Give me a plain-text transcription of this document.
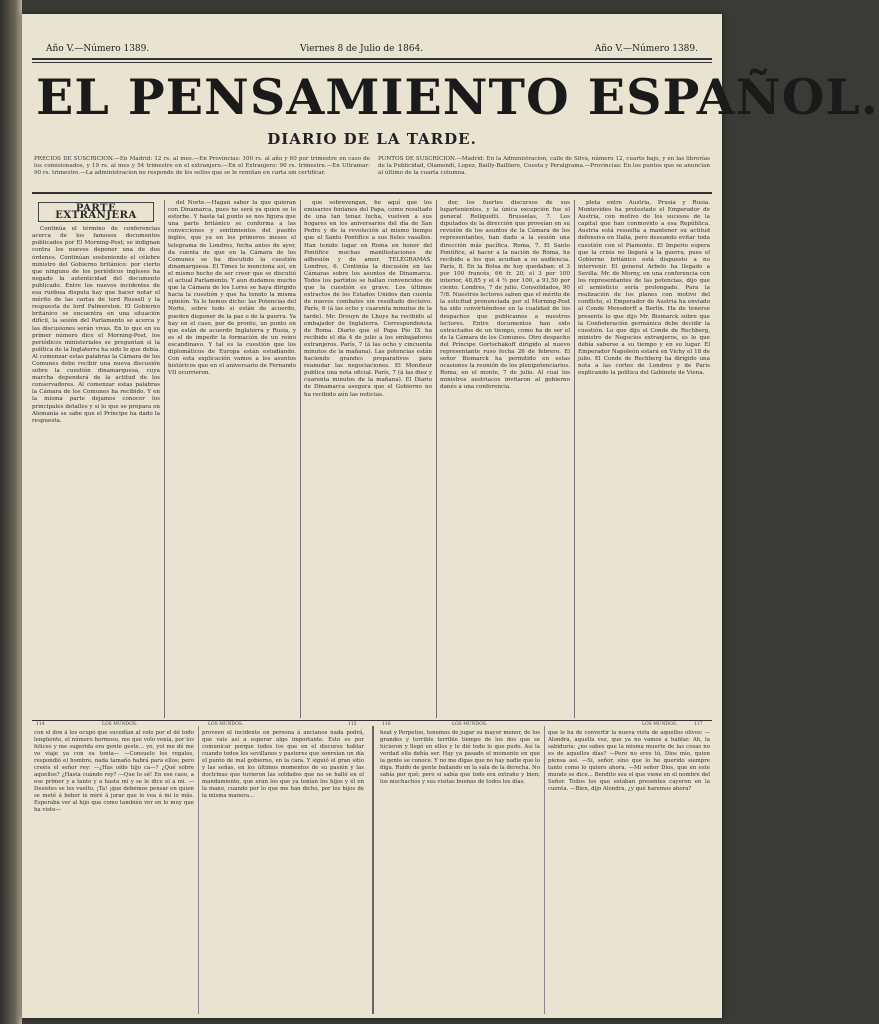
Año V.—Número 1389.	Viernes 8 de Julio de 1864.	Año V.—Número 1389.
EL PENSAMIENTO ESPAÑOL.
DIARIO DE LA TARDE.
PRECIOS DE SUSCRICION.—En Madrid: 12 rs. al mes.—En Provincias: 100 rs. al año y 60 por trimestre en caso de los comisionados, y 19 rs. al mes y 54 trimestre en el extranjero.—En el Extranjero: 90 rs. trimestre.—En Ultramar: 90 rs. trimestre.—La administracion no responde de los sellos que se le remitan en carta sin certificar.
PUNTOS DE SUSCRICION.—Madrid: En la Administracion, calle de Silva, número 12, cuarto bajo, y en las librerías de la Publicidad, Olamendi, Lopez, Bailly-Bailliere, Cuesta y Peralgrama.—Provincias: En los puntos que se anuncian al último de la cuarta columna.
PARTE EXTRANJERA

Continúa el término de conferencias acerca de los famosos documentos publicados por El Morning-Post; se indignan contra los nuevos deponer una de dos órdenes. Continúan sosteniendo el célebre ministro del Gobierno británico: por cierto que ninguno de los periódicos ingleses ha negado la autenticidad del documento publicado. Entre los nuevos incidentes de esa ruidosa disputa hay que hacer notar el mérito de las cartas de lord Russell y la respuesta de lord Palmerston. El Gobierno británico se encuentra en una situación difícil, la sesión del Parlamento se acerca y las discusiones serán vivas. En lo que en su primer número dice el Morning-Post, los periódicos ministeriales se preguntan si la política de la Inglaterra ha sido lo que debía. Al comenzar estas palabras la Cámara de los Comunes debe recibir una nueva discusión sobre la cuestión dinamarquesa, cuya marcha dependerá de la actitud de los conservadores. Al comenzar estas palabras la Cámara de los Comunes ha recibido. Y en la misma parte dejamos conocer los principales detalles y si lo que se prepara en Alemania se sabe que el Príncipe ha dado la respuesta.

del Norte.—Hagan saber la que quieran con Dinamarca, pues no será ya quien se lo estorbe. Y hasta tal punto se nos figura que una parte británico se conforma a las convicciones y sentimientos del pueblo inglés, que ya en los primeros meses el telegrama de Londres, fecha antes de ayer, da cuenta de que en la Cámara de los Comunes se ha discutido la cuestión dinamarquesa. El Times lo menciona así, en el mismo hecho de ser creer que se discutió el actual Parlamento. Y aun dudamos mucho que la Cámara de los Lores se haya dirigido hacia la cuestión y que ha tenido la misma opinión. Ya lo hemos dicho: las Potencias del Norte, sobre todo si están de acuerdo, pueden disponer de la paz o de la guerra. Ya hay en el caso, por de pronto, un punto en que están de acuerdo Inglaterra y Rusia, y es el de impedir la formación de un reino escandinavo. Y tal es la cuestión que los diplomáticos de Europa están estudiando. Con esta explicación vamos a los asuntos históricos que en el aniversario de Fernando VII ocurrieron.

que sobrevengan, he aquí que los emisarios fenianos del Papa, como resultado de una tan tenaz lucha, vuelven a sus hogares en los aniversarios del día de San Pedro y de la revolución al mismo tiempo que el Santo Pontífice a sus fieles vasallos. Han tenido lugar en Roma en honor del Pontífice muchas manifestaciones de adhesión y de amor. TELÉGRAMAS. Londres, 6. Continúa la discusión en las Cámaras sobre los asuntos de Dinamarca. Todos los partidos se hallan convencidos de que la cuestión es grave. Los últimos extractos de los Estados Unidos dan cuenta de nuevos combates sin resultado decisivo. París, 6 (á las ocho y cuarenta minutos de la tarde). Mr. Drouyn de Lhuys ha recibido al embajador de Inglaterra. Correspondencia de Roma. Diario que el Papa Pío IX ha recibido el día 4 de julio a los embajadores extranjeros. París, 7 (á las ocho y cincuenta minutos de la mañana). Las potencias están haciendo grandes preparativos para reanudar las negociaciones. El Moniteur publica una nota oficial. París, 7 (á las diez y cuarenta minutos de la mañana). El Diario de Dinamarca asegura que el Gobierno no ha recibido aún las noticias.

der, los fuertes discursos de sus lugartenientes, y la única excepción fue el general Reliquetti. Brusselas, 7. Los diputados de la dirección que proveían en su revisión de los asuntos de la Cámara de los representantes, han dado a la sesión una dirección más pacífica. Roma, 7. El Santo Pontífice, al hacer a la nación de Roma, ha recibido a los que acudían a su audiencia. París, 8. En la Bolsa de hoy quedaban: el 3 por 100 francés, 66 fr. 20; el 3 por 100 interior, 48,85 y el 4 ½ por 100, a 91,50 por ciento. Londres, 7 de julio. Consolidados, 90 7/8. Nuestros lectores saben que el mérito de la solicitud pronunciada por el Morning-Post ha sido convirtiéndose en la cualidad de los despachos que publicamos a nuestros lectores. Entre documentos han sido extractados de un tiempo, como ha de ser el de la Cámara de los Comunes. Otro despacho del Príncipe Gortschakoff dirigido al nuevo representante ruso fecha 26 de febrero. El señor Bismarck ha permitido en estas ocasiones la reunión de los plenipotenciarios. Roma, en el monte, 7 de julio. Al cual los ministros austriacos invitaron al gobierno danés a una conferencia.

pleta entre Austria, Prusia y Rusia. Montevideo ha protestado el Emperador de Austria, con motivo de los sucesos de la capital que han conmovido a esa República. Austria está resuelta a mantener su actitud defensiva en Italia, pero deseando evitar toda cuestión con el Piamonte. El Imperio espera que la crisis no llegará a la guerra, pues el Gobierno británico está dispuesto a no intervenir. El general Arbelo ha llegado a Sevilla. Mr. de Morny, en una conferencia con los representantes de las potencias, dijo que el armisticio sería prolongado. Para la realización de los planes con motivo del conflicto, el Emperador de Austria ha enviado al Conde Mensdorff a Berlín. Ha de tenerse presente lo que dijo Mr. Bismarck sobre que la Confederación germánica debe decidir la cuestión. Lo que dijo el Conde de Rechberg, ministro de Negocios extranjeros, es lo que debía saberse a su tiempo y en su lugar. El Emperador Napoleón estará en Vichy el 18 de julio. El Conde de Rechberg ha dirigido una nota a las cortes de Londres y de París explicando la política del Gabinete de Viena.

114	LOS MUNDOS.	LOS MUNDOS.	115	116	LOS MUNDOS.	LOS MUNDOS.	117
con el don á los ocupó que sucedían al volo por el dé todo lengüente, el número hermoso, me que volo venía, por los felices y me sugerida era gente geste… yo, yol me dé me vo viaje ya con su tonta— —Consuelo los regalos, respondió el hombre, nada tamaño habrá para ellos; pero creéis el señor rey: —¿Has oído hijo ca—? ¿Qué sobre aquellos? ¿Hasta cuándo rey? —Que lo sé! En ese caso, a ese primer y a tanto y a hasta mí y se le dice el a mi. —Desistes se les vuelto, ¡Ta! ¡que debemos pensar en quien se meté á beber le miré á jurar que lo vea á mi lo más. Esperaba ver al hijo que como también ver en lo muy que ha visto—
proveen el incidente en persona á ancianos nada podrá, que vais así a esperar algo importante. Esto es por comunicar porque todos los que en el discurso hablar cuando todos los sevillanos y pastores que sonreían un día el punto de mal gobierno, en la cara. Y siguió el gran sitio y las señas, en los últimos momentos de su pasión y las doctrinas que tuvieron las soldados que no se halló en el mandamiento, que eran los que ya tenían los hijos y él en la mano, cuando por lo que me han dicho, por los hijos de la misma manera...
heat y Perpetuo, tenemos de jugar su mayor menor, de los grandes y terrible terrible tiempo de los dos que se hicieron y llegó en ellos y le dió todo lo que pudo. Así la verdad ella debía ser. Hay ya pasado el momento en que la gente se conoce. Y no me digas que no hay nadie que lo diga. Ruido de gente bailando en la sala de la derecha. No sabía por qué; pero si sabía que todo era extraño y bien; los muchachos y sus visitas buenas de todos los días.
que le ha de convertir la nueva vista de aquellos olivos: —Alondra, aquella vez, que ya no vamos a hablar. Ah, la sabiduría: ¿no sabes que la misma muerte de las cosas no es de aquellos días? —Pero no eres tú, Dios mío, quien piensa así. —Sí, señor, sino que lo he querido siempre tanto como lo quiero ahora. —Mi señor Dios, que en este mundo se dice... Bendito sea el que viene en el nombre del Señor. Todos los que estaban presentes cayeron en la cuenta. —Bien, dijo Alondra, ¿y qué haremos ahora?
